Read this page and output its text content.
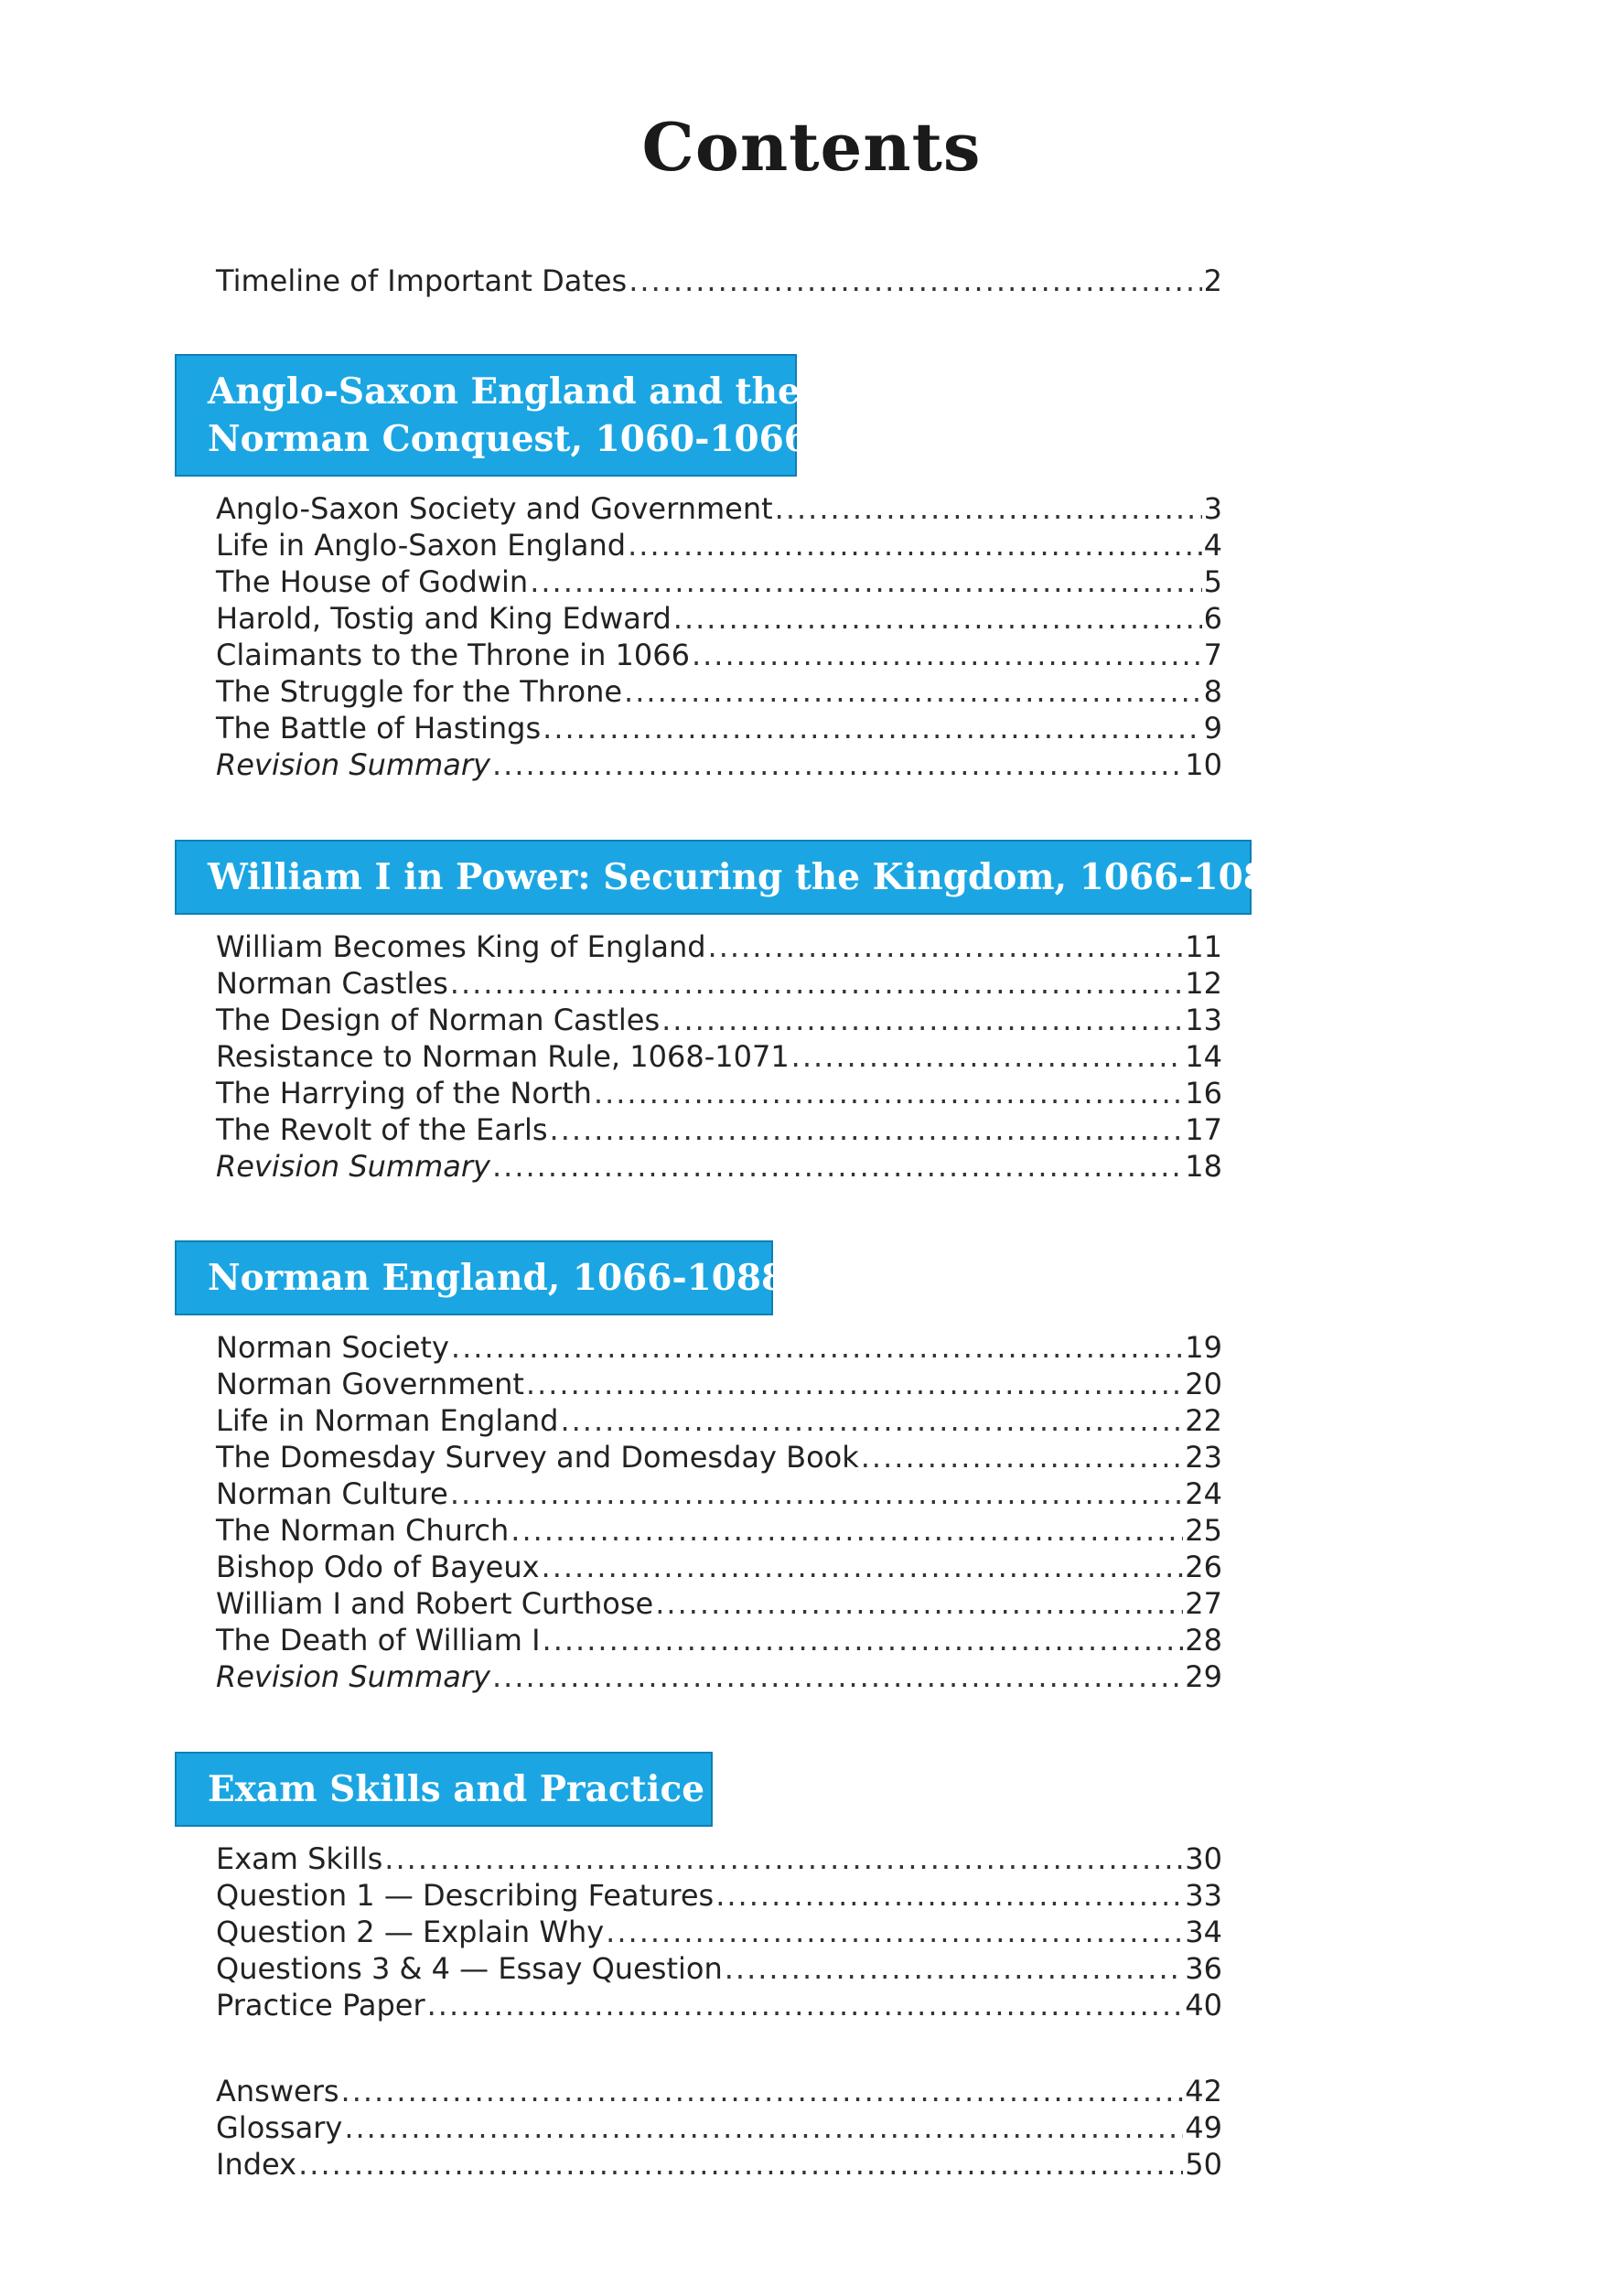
Contents
Timeline of Important Dates .....	2
Anglo-Saxon England and the
Norman Conquest, 1060-1066
Anglo-Saxon Society and Government .....	3
Life in Anglo-Saxon England .....	4
The House of Godwin .....	5
Harold, Tostig and King Edward .....	6
Claimants to the Throne in 1066 .....	7
The Struggle for the Throne .....	8
The Battle of Hastings .....	9
Revision Summary .....	10
William I in Power: Securing the Kingdom, 1066-1087
William Becomes King of England .....	11
Norman Castles .....	12
The Design of Norman Castles .....	13
Resistance to Norman Rule, 1068-1071 .....	14
The Harrying of the North .....	16
The Revolt of the Earls .....	17
Revision Summary .....	18
Norman England, 1066-1088
Norman Society .....	19
Norman Government .....	20
Life in Norman England .....	22
The Domesday Survey and Domesday Book .....	23
Norman Culture .....	24
The Norman Church .....	25
Bishop Odo of Bayeux .....	26
William I and Robert Curthose .....	27
The Death of William I .....	28
Revision Summary .....	29
Exam Skills and Practice
Exam Skills .....	30
Question 1 — Describing Features .....	33
Question 2 — Explain Why .....	34
Questions 3 & 4 — Essay Question .....	36
Practice Paper .....	40
Answers .....	42
Glossary .....	49
Index .....	50
